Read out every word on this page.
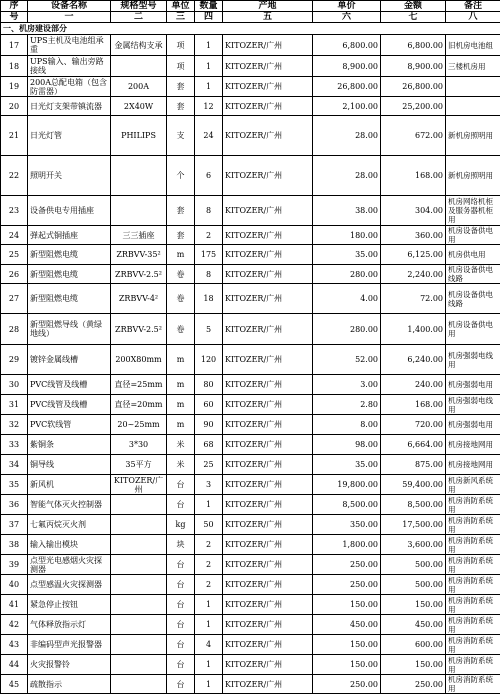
序	设备名称	规格型号	单位	数量	产地	单价	金额	备注
号	一	二	三	四	五	六	七	八
一、机房建设部分								
17	UPS主机及电池组承重	金属结构支承	项	1	KITOZER/广州	6,800.00	6,800.00	旧机房电池组
18	UPS输入、输出旁路接线		项	1	KITOZER/广州	8,900.00	8,900.00	三楼机房用
19	200A总配电箱（包含防雷器）	200A	套	1	KITOZER/广州	26,800.00	26,800.00	
20	日光灯支架带镇流器	2X40W	套	12	KITOZER/广州	2,100.00	25,200.00	
21	日光灯管	PHILIPS	支	24	KITOZER/广州	28.00	672.00	新机房照明用
22	照明开关		个	6	KITOZER/广州	28.00	168.00	新机房照明用
23	设备供电专用插座		套	8	KITOZER/广州	38.00	304.00	机房网络机柜及服务器机柜用
24	弹起式铜插座	三三插座	套	2	KITOZER/广州	180.00	360.00	机房设备供电用
25	新型阻燃电缆	ZRBVV-35²	m	175	KITOZER/广州	35.00	6,125.00	机房供电用
26	新型阻燃电缆	ZRBVV-2.5²	卷	8	KITOZER/广州	280.00	2,240.00	机房设备供电线路
27	新型阻燃电缆	ZRBVV-4²	卷	18	KITOZER/广州	4.00	72.00	机房设备供电线路
28	新型阻燃导线（黄绿地线）	ZRBVV-2.5²	卷	5	KITOZER/广州	280.00	1,400.00	机房设备供电用
29	镀锌金属线槽	200X80mm	m	120	KITOZER/广州	52.00	6,240.00	机房强弱电线用
30	PVC线管及线槽	直径=25mm	m	80	KITOZER/广州	3.00	240.00	机房强弱电用
31	PVC线管及线槽	直径=20mm	m	60	KITOZER/广州	2.80	168.00	机房强弱电线用
32	PVC软线管	20~25mm	m	90	KITOZER/广州	8.00	720.00	机房强弱电用
33	紫铜条	3*30	米	68	KITOZER/广州	98.00	6,664.00	机房接地网用
34	铜导线	35平方	米	25	KITOZER/广州	35.00	875.00	机房接地网用
35	新风机	KITOZER/广州	台	3	KITOZER/广州	19,800.00	59,400.00	机房新风系统用
36	智能气体灭火控制器		台	1	KITOZER/广州	8,500.00	8,500.00	机房消防系统用
37	七氟丙烷灭火剂		kg	50	KITOZER/广州	350.00	17,500.00	机房消防系统用
38	输入输出模块		块	2	KITOZER/广州	1,800.00	3,600.00	机房消防系统用
39	点型光电感烟火灾探测器		台	2	KITOZER/广州	250.00	500.00	机房消防系统用
40	点型感温火灾探测器		台	2	KITOZER/广州	250.00	500.00	机房消防系统用
41	紧急停止按钮		台	1	KITOZER/广州	150.00	150.00	机房消防系统用
42	气体释放指示灯		台	1	KITOZER/广州	450.00	450.00	机房消防系统用
43	非编码型声光报警器		台	4	KITOZER/广州	150.00	600.00	机房消防系统用
44	火灾报警铃		台	1	KITOZER/广州	150.00	150.00	机房消防系统用
45	疏散指示		台	1	KITOZER/广州	250.00	250.00	机房消防系统用
